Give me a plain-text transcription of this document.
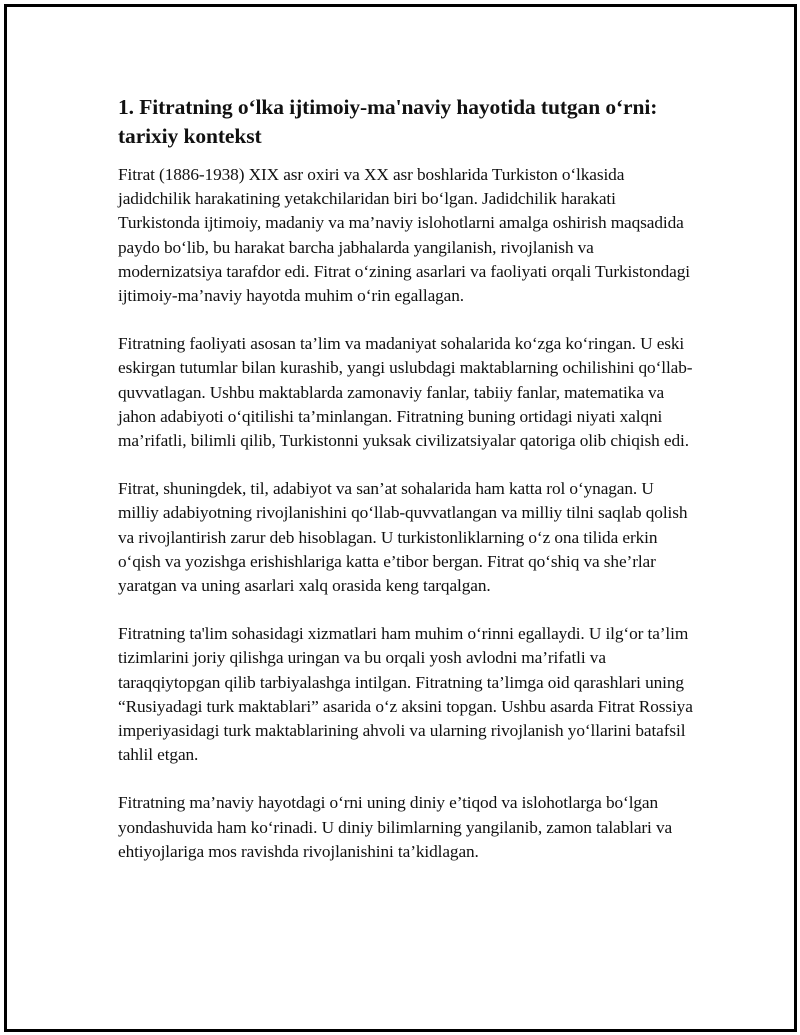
1. Fitratning o‘lka ijtimoiy-ma'naviy hayotida tutgan o‘rni: tarixiy kontekst

Fitrat (1886-1938) XIX asr oxiri va XX asr boshlarida Turkiston o‘lkasida jadidchilik harakatining yetakchilaridan biri bo‘lgan. Jadidchilik harakati Turkistonda ijtimoiy, madaniy va ma’naviy islohotlarni amalga oshirish maqsadida paydo bo‘lib, bu harakat barcha jabhalarda yangilanish, rivojlanish va modernizatsiya tarafdor edi. Fitrat o‘zining asarlari va faoliyati orqali Turkistondagi ijtimoiy-ma’naviy hayotda muhim o‘rin egallagan.

Fitratning faoliyati asosan ta’lim va madaniyat sohalarida ko‘zga ko‘ringan. U eski eskirgan tutumlar bilan kurashib, yangi uslubdagi maktablarning ochilishini qo‘llab-quvvatlagan. Ushbu maktablarda zamonaviy fanlar, tabiiy fanlar, matematika va jahon adabiyoti o‘qitilishi ta’minlangan. Fitratning buning ortidagi niyati xalqni ma’rifatli, bilimli qilib, Turkistonni yuksak civilizatsiyalar qatoriga olib chiqish edi.

Fitrat, shuningdek, til, adabiyot va san’at sohalarida ham katta rol o‘ynagan. U milliy adabiyotning rivojlanishini qo‘llab-quvvatlangan va milliy tilni saqlab qolish va rivojlantirish zarur deb hisoblagan. U turkistonliklarning o‘z ona tilida erkin o‘qish va yozishga erishishlariga katta e’tibor bergan. Fitrat qo‘shiq va she’rlar yaratgan va uning asarlari xalq orasida keng tarqalgan.

Fitratning ta'lim sohasidagi xizmatlari ham muhim o‘rinni egallaydi. U ilg‘or ta’lim tizimlarini joriy qilishga uringan va bu orqali yosh avlodni ma’rifatli va taraqqiytopgan qilib tarbiyalashga intilgan. Fitratning ta’limga oid qarashlari uning “Rusiyadagi turk maktablari” asarida o‘z aksini topgan. Ushbu asarda Fitrat Rossiya imperiyasidagi turk maktablarining ahvoli va ularning rivojlanish yo‘llarini batafsil tahlil etgan.

Fitratning ma’naviy hayotdagi o‘rni uning diniy e’tiqod va islohotlarga bo‘lgan yondashuvida ham ko‘rinadi. U diniy bilimlarning yangilanib, zamon talablari va ehtiyojlariga mos ravishda rivojlanishini ta’kidlagan.
